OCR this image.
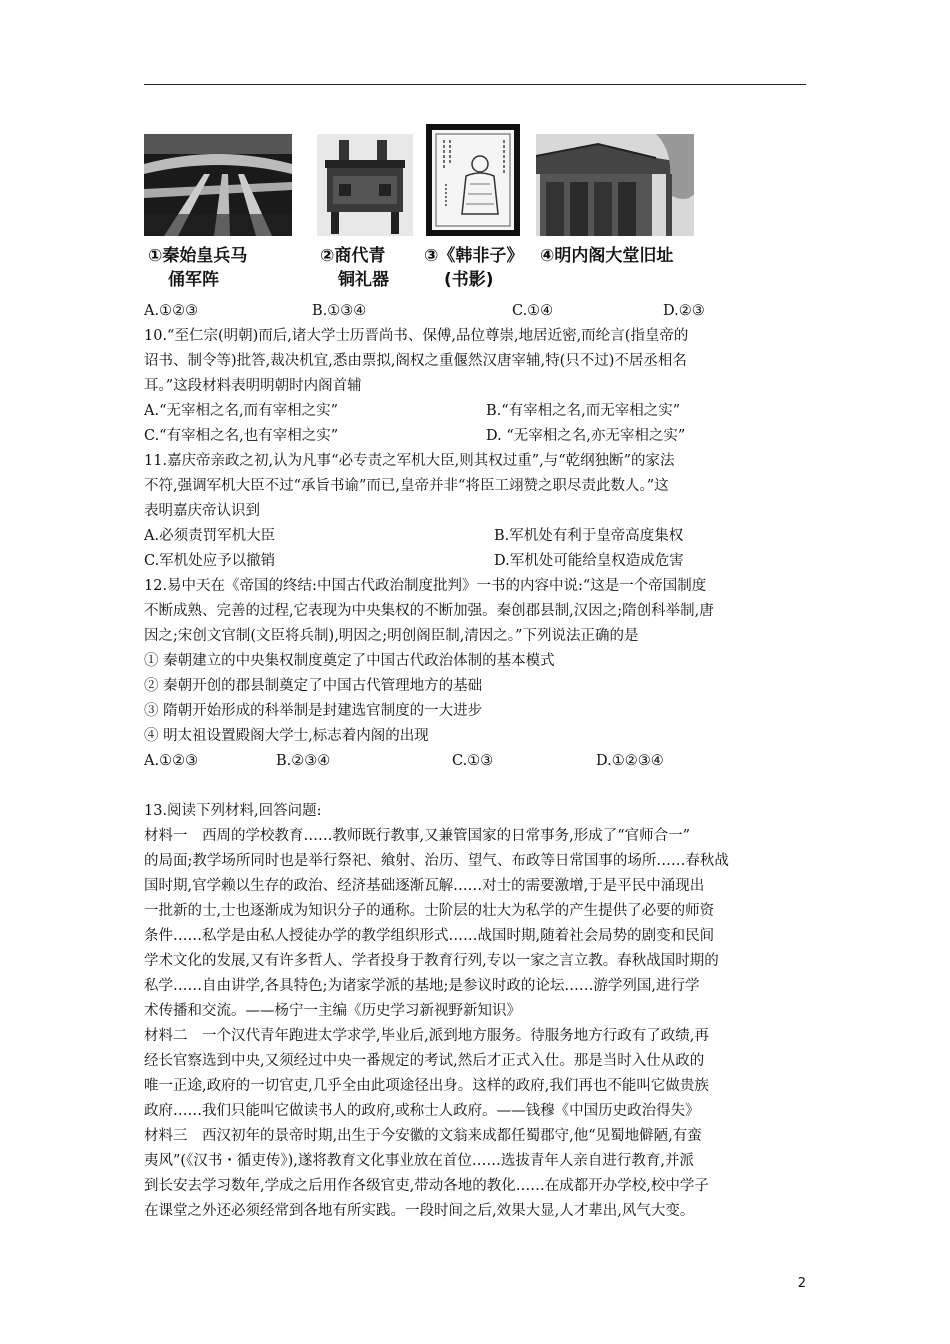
①秦始皇兵马
俑军阵
②商代青
铜礼器
③《韩非子》
(书影)
④明内阁大堂旧址
A.①②③	B.①③④	C.①④	D.②③
10.“至仁宗(明朝)而后,诸大学士历晋尚书、保傅,品位尊崇,地居近密,而纶言(指皇帝的
诏书、制令等)批答,裁决机宜,悉由票拟,阁权之重偃然汉唐宰辅,特(只不过)不居丞相名
耳。”这段材料表明明朝时内阁首辅
A.“无宰相之名,而有宰相之实”	B.“有宰相之名,而无宰相之实”
C.“有宰相之名,也有宰相之实”	D. “无宰相之名,亦无宰相之实”
11.嘉庆帝亲政之初,认为凡事“必专责之军机大臣,则其权过重”,与“乾纲独断”的家法
不符,强调军机大臣不过“承旨书谕”而已,皇帝并非“将臣工翊赞之职尽责此数人。”这
表明嘉庆帝认识到
A.必须责罚军机大臣	B.军机处有利于皇帝高度集权
C.军机处应予以撤销	D.军机处可能给皇权造成危害
12.易中天在《帝国的终结:中国古代政治制度批判》一书的内容中说:“这是一个帝国制度
不断成熟、完善的过程,它表现为中央集权的不断加强。秦创郡县制,汉因之;隋创科举制,唐
因之;宋创文官制(文臣将兵制),明因之;明创阁臣制,清因之。”下列说法正确的是
① 秦朝建立的中央集权制度奠定了中国古代政治体制的基本模式
② 秦朝开创的郡县制奠定了中国古代管理地方的基础
③ 隋朝开始形成的科举制是封建选官制度的一大进步
④ 明太祖设置殿阁大学士,标志着内阁的出现
A.①②③	B.②③④	C.①③	D.①②③④
13.阅读下列材料,回答问题:
材料一　西周的学校教育……教师既行教事,又兼管国家的日常事务,形成了“官师合一”
的局面;教学场所同时也是举行祭祀、飨射、治历、望气、布政等日常国事的场所……春秋战
国时期,官学赖以生存的政治、经济基础逐渐瓦解……对士的需要激增,于是平民中涌现出
一批新的士,士也逐渐成为知识分子的通称。士阶层的壮大为私学的产生提供了必要的师资
条件……私学是由私人授徒办学的教学组织形式……战国时期,随着社会局势的剧变和民间
学术文化的发展,又有许多哲人、学者投身于教育行列,专以一家之言立教。春秋战国时期的
私学……自由讲学,各具特色;为诸家学派的基地;是参议时政的论坛……游学列国,进行学
术传播和交流。——杨宁一主编《历史学习新视野新知识》
材料二　一个汉代青年跑进太学求学,毕业后,派到地方服务。待服务地方行政有了政绩,再
经长官察选到中央,又须经过中央一番规定的考试,然后才正式入仕。那是当时入仕从政的
唯一正途,政府的一切官吏,几乎全由此项途径出身。这样的政府,我们再也不能叫它做贵族
政府……我们只能叫它做读书人的政府,或称士人政府。——钱穆《中国历史政治得失》
材料三　西汉初年的景帝时期,出生于今安徽的文翁来成都任蜀郡守,他“见蜀地僻陋,有蛮
夷风”(《汉书・循吏传》),遂将教育文化事业放在首位……选拔青年人亲自进行教育,并派
到长安去学习数年,学成之后用作各级官吏,带动各地的教化……在成都开办学校,校中学子
在课堂之外还必须经常到各地有所实践。一段时间之后,效果大显,人才辈出,风气大变。
2
